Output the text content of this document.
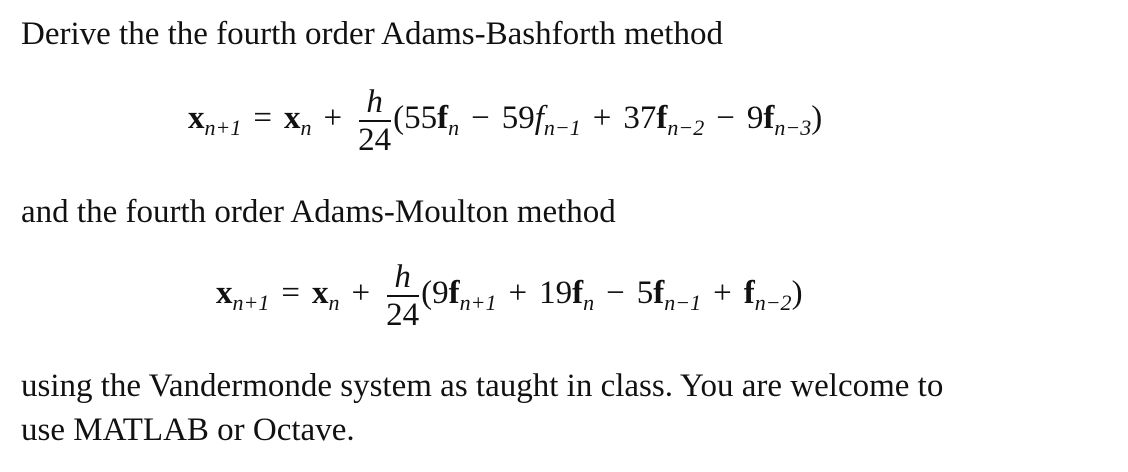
Derive the the fourth order Adams-Bashforth method
$x_{n+1} = x_n + \frac{h}{24} (55f_n - 59f_{n-1} + 37f_{n-2} - 9f_{n-3})$
and the fourth order Adams-Moulton method
$x_{n+1} = x_n + \frac{h}{24} (9f_{n+1} + 19f_n - 5f_{n-1} + f_{n-2})$
using the Vandermonde system as taught in class. You are welcome to
use MATLAB or Octave.
